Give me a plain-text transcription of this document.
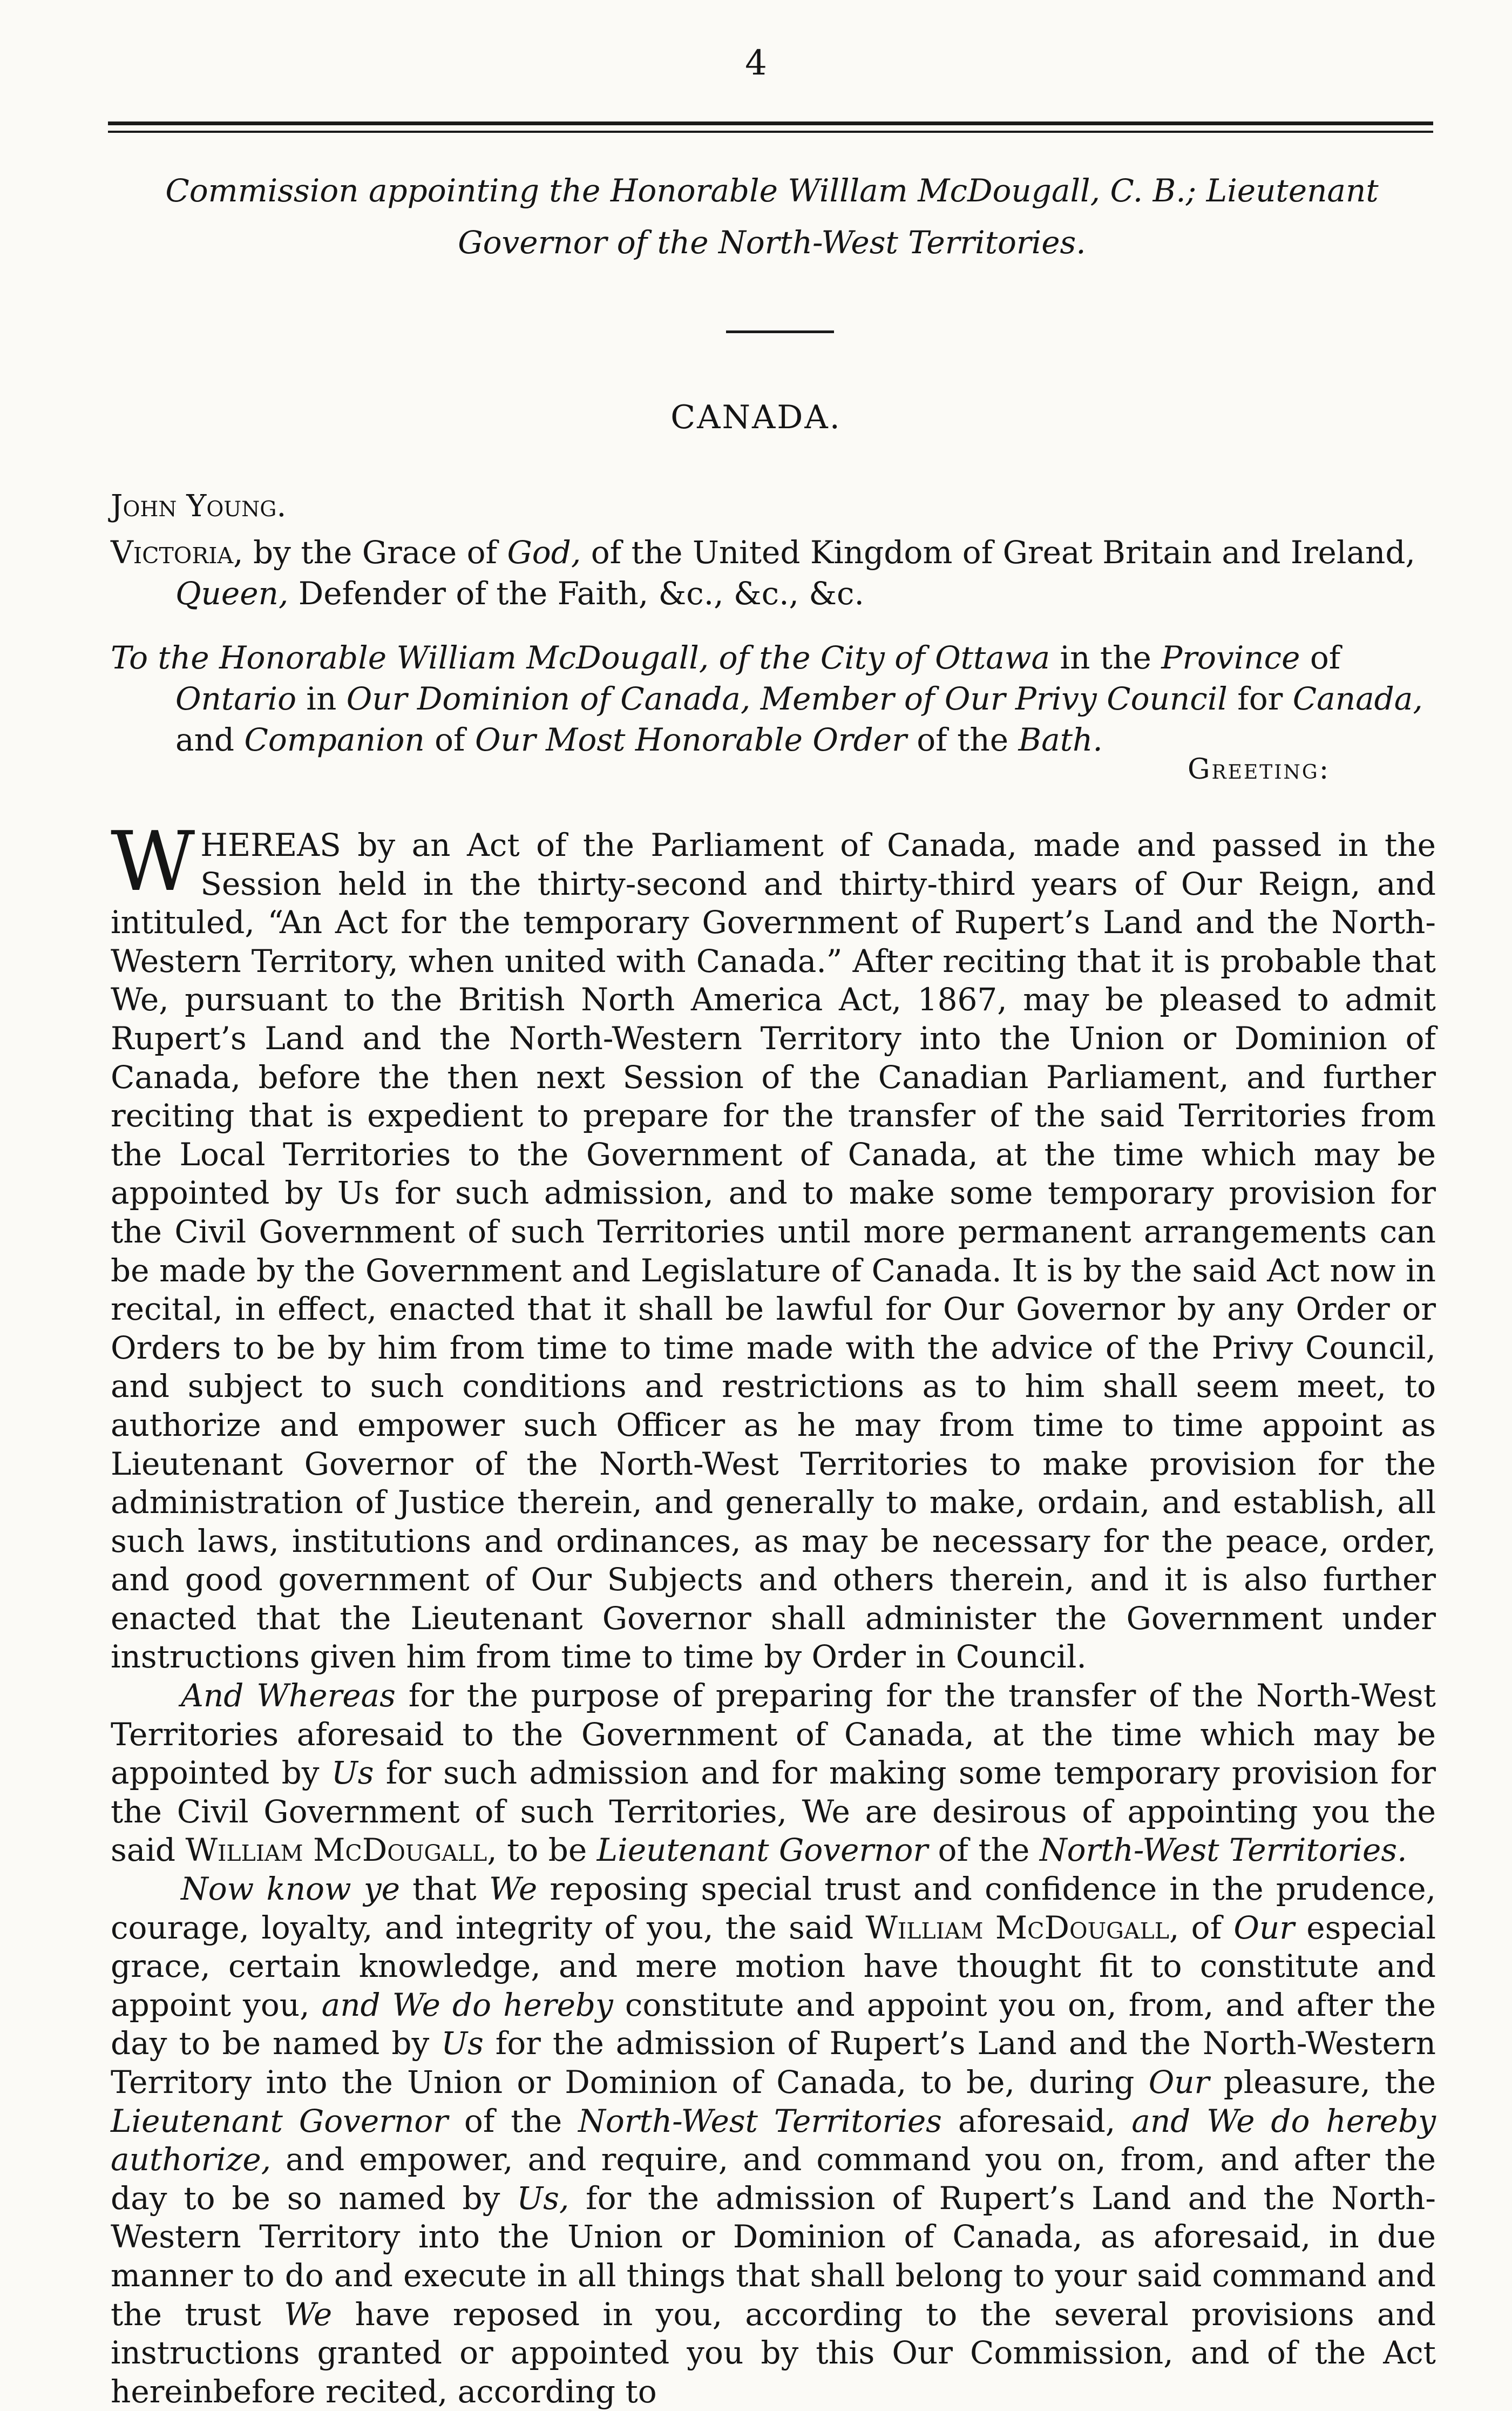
4
Commission appointing the Honorable Willlam McDougall, C. B.; Lieutenant Governor of the North-West Territories.
CANADA.
John Young.
Victoria, by the Grace of God, of the United Kingdom of Great Britain and Ireland, Queen, Defender of the Faith, &c., &c., &c.
To the Honorable William McDougall, of the City of Ottawa in the Province of Ontario in Our Dominion of Canada, Member of Our Privy Council for Canada, and Companion of Our Most Honorable Order of the Bath.
Greeting:

WHEREAS by an Act of the Parliament of Canada, made and passed in the Session held in the thirty-second and thirty-third years of Our Reign, and intituled, “An Act for the temporary Government of Rupert’s Land and the North-Western Territory, when united with Canada.” After reciting that it is probable that We, pursuant to the British North America Act, 1867, may be pleased to admit Rupert’s Land and the North-Western Territory into the Union or Dominion of Canada, before the then next Session of the Canadian Parliament, and further reciting that is expedient to prepare for the transfer of the said Territories from the Local Territories to the Government of Canada, at the time which may be appointed by Us for such admission, and to make some temporary provision for the Civil Government of such Territories until more permanent arrangements can be made by the Government and Legislature of Canada. It is by the said Act now in recital, in effect, enacted that it shall be lawful for Our Governor by any Order or Orders to be by him from time to time made with the advice of the Privy Council, and subject to such conditions and restrictions as to him shall seem meet, to authorize and empower such Officer as he may from time to time appoint as Lieutenant Governor of the North-West Territories to make provision for the administration of Justice therein, and generally to make, ordain, and establish, all such laws, institutions and ordinances, as may be necessary for the peace, order, and good government of Our Subjects and others therein, and it is also further enacted that the Lieutenant Governor shall administer the Government under instructions given him from time to time by Order in Council.

And Whereas for the purpose of preparing for the transfer of the North-West Territories aforesaid to the Government of Canada, at the time which may be appointed by Us for such admission and for making some temporary provision for the Civil Government of such Territories, We are desirous of appointing you the said William McDougall, to be Lieutenant Governor of the North-West Territories.

Now know ye that We reposing special trust and confidence in the prudence, courage, loyalty, and integrity of you, the said William McDougall, of Our especial grace, certain knowledge, and mere motion have thought fit to constitute and appoint you, and We do hereby constitute and appoint you on, from, and after the day to be named by Us for the admission of Rupert’s Land and the North-Western Territory into the Union or Dominion of Canada, to be, during Our pleasure, the Lieutenant Governor of the North-West Territories aforesaid, and We do hereby authorize, and empower, and require, and command you on, from, and after the day to be so named by Us, for the admission of Rupert’s Land and the North-Western Territory into the Union or Dominion of Canada, as aforesaid, in due manner to do and execute in all things that shall belong to your said command and the trust We have reposed in you, according to the several provisions and instructions granted or appointed you by this Our Commission, and of the Act hereinbefore recited, according to
